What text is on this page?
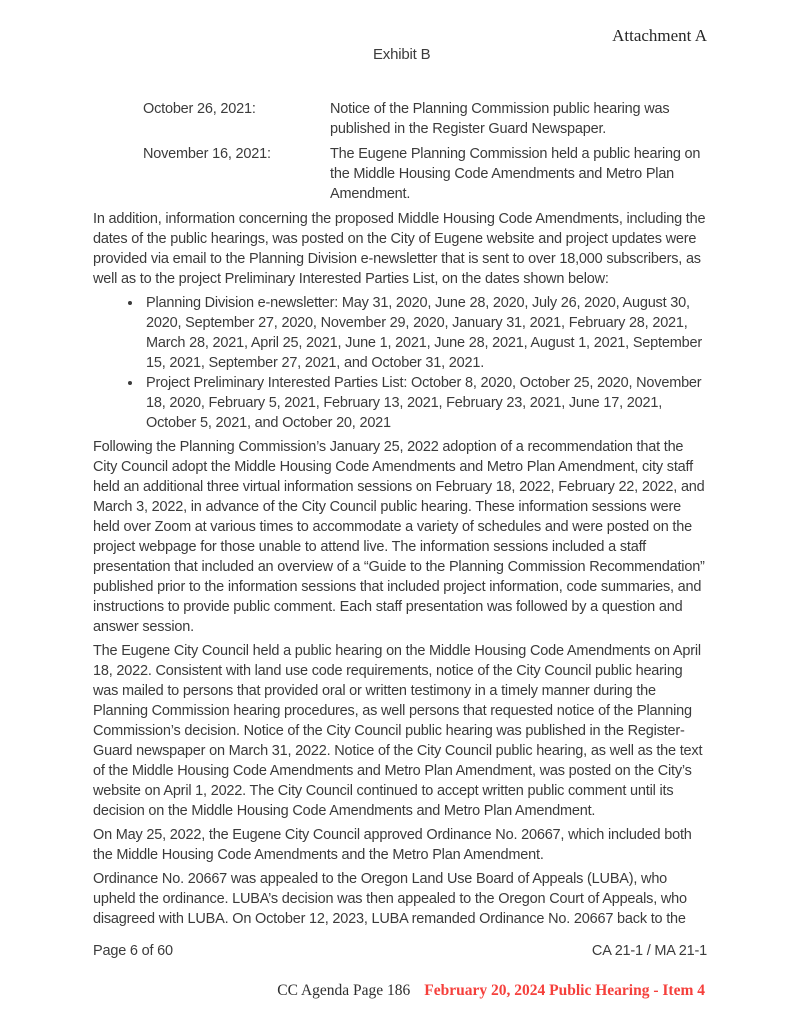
Attachment A
Exhibit B
October 26, 2021:	Notice of the Planning Commission public hearing was published in the Register Guard Newspaper.
November 16, 2021:	The Eugene Planning Commission held a public hearing on the Middle Housing Code Amendments and Metro Plan Amendment.

In addition, information concerning the proposed Middle Housing Code Amendments, including the dates of the public hearings, was posted on the City of Eugene website and project updates were provided via email to the Planning Division e-newsletter that is sent to over 18,000 subscribers, as well as to the project Preliminary Interested Parties List, on the dates shown below:

• Planning Division e-newsletter: May 31, 2020, June 28, 2020, July 26, 2020, August 30, 2020, September 27, 2020, November 29, 2020, January 31, 2021, February 28, 2021, March 28, 2021, April 25, 2021, June 1, 2021, June 28, 2021, August 1, 2021, September 15, 2021, September 27, 2021, and October 31, 2021.
• Project Preliminary Interested Parties List: October 8, 2020, October 25, 2020, November 18, 2020, February 5, 2021, February 13, 2021, February 23, 2021, June 17, 2021, October 5, 2021, and October 20, 2021

Following the Planning Commission’s January 25, 2022 adoption of a recommendation that the City Council adopt the Middle Housing Code Amendments and Metro Plan Amendment, city staff held an additional three virtual information sessions on February 18, 2022, February 22, 2022, and March 3, 2022, in advance of the City Council public hearing. These information sessions were held over Zoom at various times to accommodate a variety of schedules and were posted on the project webpage for those unable to attend live. The information sessions included a staff presentation that included an overview of a “Guide to the Planning Commission Recommendation” published prior to the information sessions that included project information, code summaries, and instructions to provide public comment. Each staff presentation was followed by a question and answer session.

The Eugene City Council held a public hearing on the Middle Housing Code Amendments on April 18, 2022. Consistent with land use code requirements, notice of the City Council public hearing was mailed to persons that provided oral or written testimony in a timely manner during the Planning Commission hearing procedures, as well persons that requested notice of the Planning Commission’s decision. Notice of the City Council public hearing was published in the Register-Guard newspaper on March 31, 2022. Notice of the City Council public hearing, as well as the text of the Middle Housing Code Amendments and Metro Plan Amendment, was posted on the City’s website on April 1, 2022. The City Council continued to accept written public comment until its decision on the Middle Housing Code Amendments and Metro Plan Amendment.

On May 25, 2022, the Eugene City Council approved Ordinance No. 20667, which included both the Middle Housing Code Amendments and the Metro Plan Amendment.

Ordinance No. 20667 was appealed to the Oregon Land Use Board of Appeals (LUBA), who upheld the ordinance. LUBA’s decision was then appealed to the Oregon Court of Appeals, who disagreed with LUBA. On October 12, 2023, LUBA remanded Ordinance No. 20667 back to the

Page 6 of 60	CA 21-1 / MA 21-1
CC Agenda Page 186 February 20, 2024 Public Hearing - Item 4
